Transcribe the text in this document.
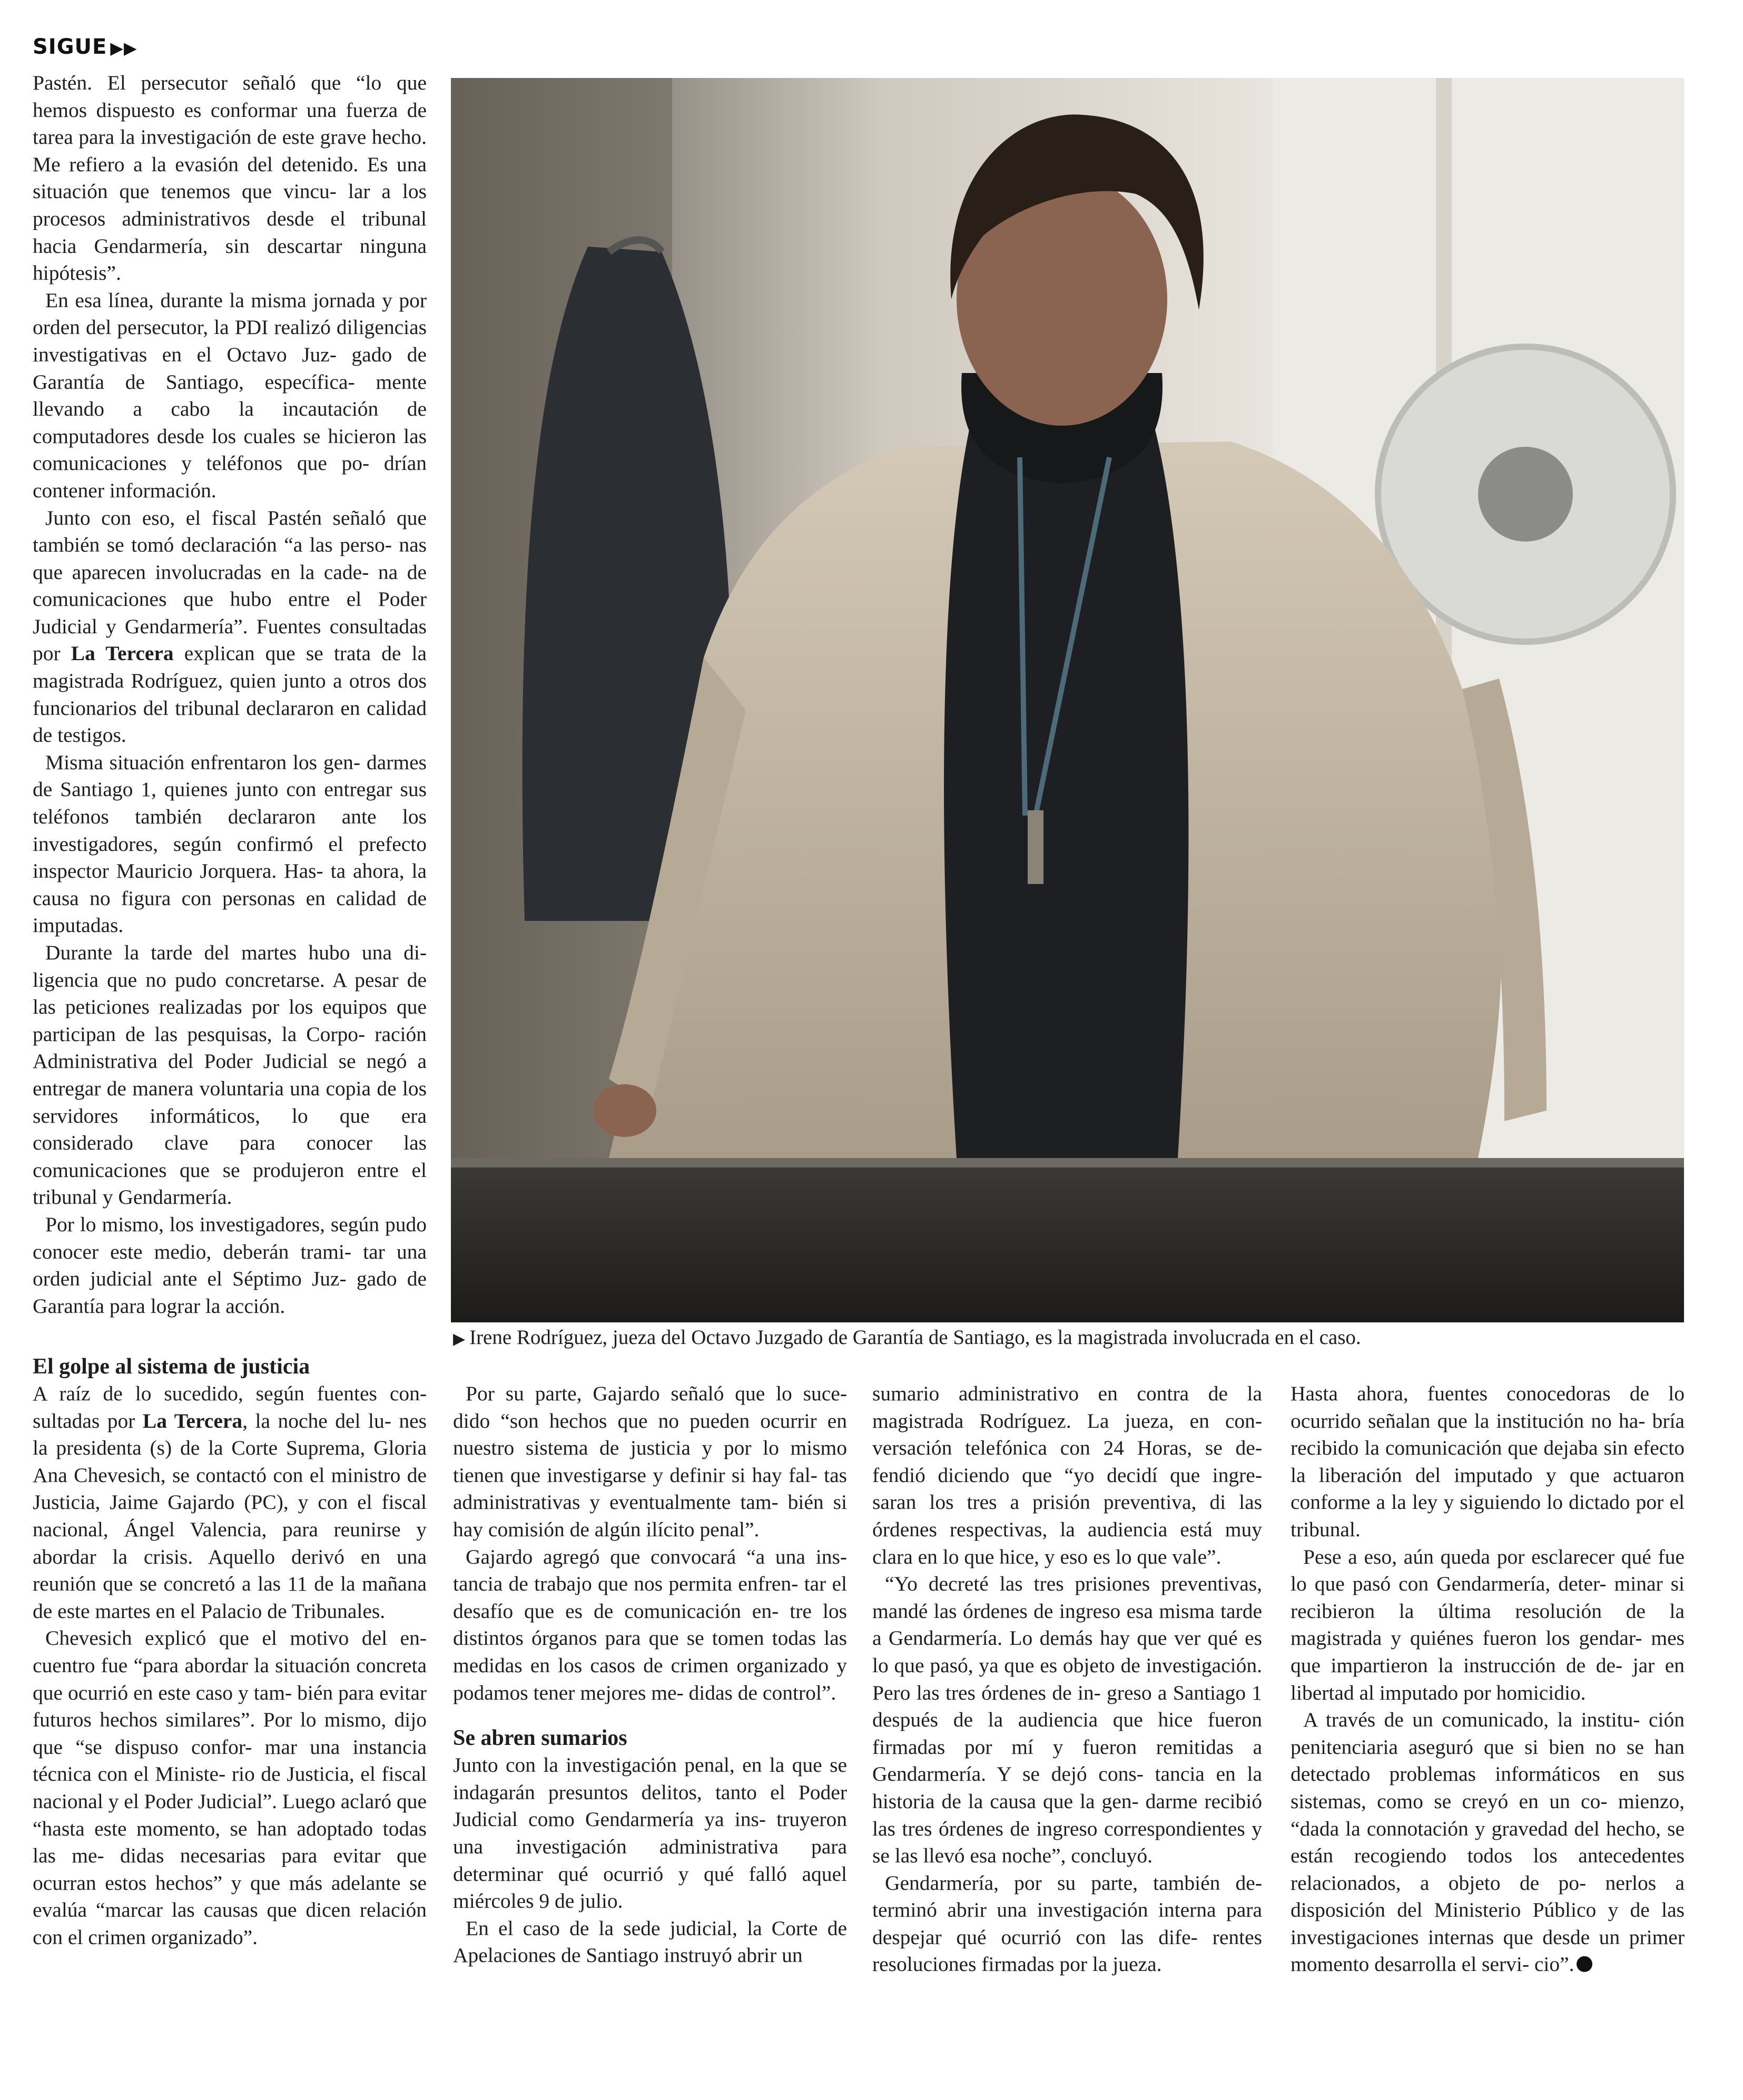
SIGUE ▶▶

Pastén. El persecutor señaló que “lo que hemos dispuesto es conformar una fuerza de tarea para la investigación de este grave hecho. Me refiero a la evasión del detenido. Es una situación que tenemos que vincu- lar a los procesos administrativos desde el tribunal hacia Gendarmería, sin descartar ninguna hipótesis”.

En esa línea, durante la misma jornada y por orden del persecutor, la PDI realizó diligencias investigativas en el Octavo Juz- gado de Garantía de Santiago, específica- mente llevando a cabo la incautación de computadores desde los cuales se hicieron las comunicaciones y teléfonos que po- drían contener información.

Junto con eso, el fiscal Pastén señaló que también se tomó declaración “a las perso- nas que aparecen involucradas en la cade- na de comunicaciones que hubo entre el Poder Judicial y Gendarmería”. Fuentes consultadas por La Tercera explican que se trata de la magistrada Rodríguez, quien junto a otros dos funcionarios del tribunal declararon en calidad de testigos.

Misma situación enfrentaron los gen- darmes de Santiago 1, quienes junto con entregar sus teléfonos también declararon ante los investigadores, según confirmó el prefecto inspector Mauricio Jorquera. Has- ta ahora, la causa no figura con personas en calidad de imputadas.

Durante la tarde del martes hubo una di- ligencia que no pudo concretarse. A pesar de las peticiones realizadas por los equipos que participan de las pesquisas, la Corpo- ración Administrativa del Poder Judicial se negó a entregar de manera voluntaria una copia de los servidores informáticos, lo que era considerado clave para conocer las comunicaciones que se produjeron entre el tribunal y Gendarmería.

Por lo mismo, los investigadores, según pudo conocer este medio, deberán trami- tar una orden judicial ante el Séptimo Juz- gado de Garantía para lograr la acción.

▶ Irene Rodríguez, jueza del Octavo Juzgado de Garantía de Santiago, es la magistrada involucrada en el caso.
El golpe al sistema de justicia

A raíz de lo sucedido, según fuentes con- sultadas por La Tercera, la noche del lu- nes la presidenta (s) de la Corte Suprema, Gloria Ana Chevesich, se contactó con el ministro de Justicia, Jaime Gajardo (PC), y con el fiscal nacional, Ángel Valencia, para reunirse y abordar la crisis. Aquello derivó en una reunión que se concretó a las 11 de la mañana de este martes en el Palacio de Tribunales.

Chevesich explicó que el motivo del en- cuentro fue “para abordar la situación concreta que ocurrió en este caso y tam- bién para evitar futuros hechos similares”. Por lo mismo, dijo que “se dispuso confor- mar una instancia técnica con el Ministe- rio de Justicia, el fiscal nacional y el Poder Judicial”. Luego aclaró que “hasta este momento, se han adoptado todas las me- didas necesarias para evitar que ocurran estos hechos” y que más adelante se evalúa “marcar las causas que dicen relación con el crimen organizado”.

Por su parte, Gajardo señaló que lo suce- dido “son hechos que no pueden ocurrir en nuestro sistema de justicia y por lo mismo tienen que investigarse y definir si hay fal- tas administrativas y eventualmente tam- bién si hay comisión de algún ilícito penal”.

Gajardo agregó que convocará “a una ins- tancia de trabajo que nos permita enfren- tar el desafío que es de comunicación en- tre los distintos órganos para que se tomen todas las medidas en los casos de crimen organizado y podamos tener mejores me- didas de control”.

Se abren sumarios

Junto con la investigación penal, en la que se indagarán presuntos delitos, tanto el Poder Judicial como Gendarmería ya ins- truyeron una investigación administrativa para determinar qué ocurrió y qué falló aquel miércoles 9 de julio.

En el caso de la sede judicial, la Corte de Apelaciones de Santiago instruyó abrir un

sumario administrativo en contra de la magistrada Rodríguez. La jueza, en con- versación telefónica con 24 Horas, se de- fendió diciendo que “yo decidí que ingre- saran los tres a prisión preventiva, di las órdenes respectivas, la audiencia está muy clara en lo que hice, y eso es lo que vale”.

“Yo decreté las tres prisiones preventivas, mandé las órdenes de ingreso esa misma tarde a Gendarmería. Lo demás hay que ver qué es lo que pasó, ya que es objeto de investigación. Pero las tres órdenes de in- greso a Santiago 1 después de la audiencia que hice fueron firmadas por mí y fueron remitidas a Gendarmería. Y se dejó cons- tancia en la historia de la causa que la gen- darme recibió las tres órdenes de ingreso correspondientes y se las llevó esa noche”, concluyó.

Gendarmería, por su parte, también de- terminó abrir una investigación interna para despejar qué ocurrió con las dife- rentes resoluciones firmadas por la jueza.

Hasta ahora, fuentes conocedoras de lo ocurrido señalan que la institución no ha- bría recibido la comunicación que dejaba sin efecto la liberación del imputado y que actuaron conforme a la ley y siguiendo lo dictado por el tribunal.

Pese a eso, aún queda por esclarecer qué fue lo que pasó con Gendarmería, deter- minar si recibieron la última resolución de la magistrada y quiénes fueron los gendar- mes que impartieron la instrucción de de- jar en libertad al imputado por homicidio.

A través de un comunicado, la institu- ción penitenciaria aseguró que si bien no se han detectado problemas informáticos en sus sistemas, como se creyó en un co- mienzo, “dada la connotación y gravedad del hecho, se están recogiendo todos los antecedentes relacionados, a objeto de po- nerlos a disposición del Ministerio Público y de las investigaciones internas que desde un primer momento desarrolla el servi- cio”.
